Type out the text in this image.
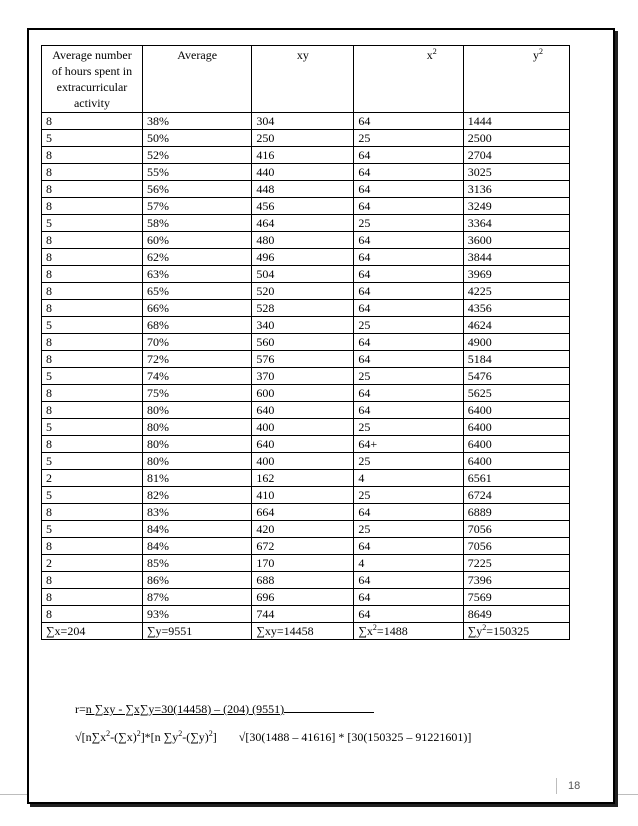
Average number of hours spent in extracurricular activity	Average	xy	$x^2$	$y^2$

8	38%	304	64	1444
5	50%	250	25	2500
8	52%	416	64	2704
8	55%	440	64	3025
8	56%	448	64	3136
8	57%	456	64	3249
5	58%	464	25	3364
8	60%	480	64	3600
8	62%	496	64	3844
8	63%	504	64	3969
8	65%	520	64	4225
8	66%	528	64	4356
5	68%	340	25	4624
8	70%	560	64	4900
8	72%	576	64	5184
5	74%	370	25	5476
8	75%	600	64	5625
8	80%	640	64	6400
5	80%	400	25	6400
8	80%	640	64+	6400
5	80%	400	25	6400
2	81%	162	4	6561
5	82%	410	25	6724
8	83%	664	64	6889
5	84%	420	25	7056
8	84%	672	64	7056
2	85%	170	4	7225
8	86%	688	64	7396
8	87%	696	64	7569
8	93%	744	64	8649
∑x=204	∑y=9551	∑xy=14458	$\sum x^2=1488$	$\sum y^2=150325$
r=n ∑xy - ∑x∑y=30(14458) – (204) (9551)
$√[n\sum x^2-(\sum x)^2]*[n$ $\sum y^2-(\sum y)^2$] √[30(1488 – 41616] * [30(150325 – 91221601)]
18
